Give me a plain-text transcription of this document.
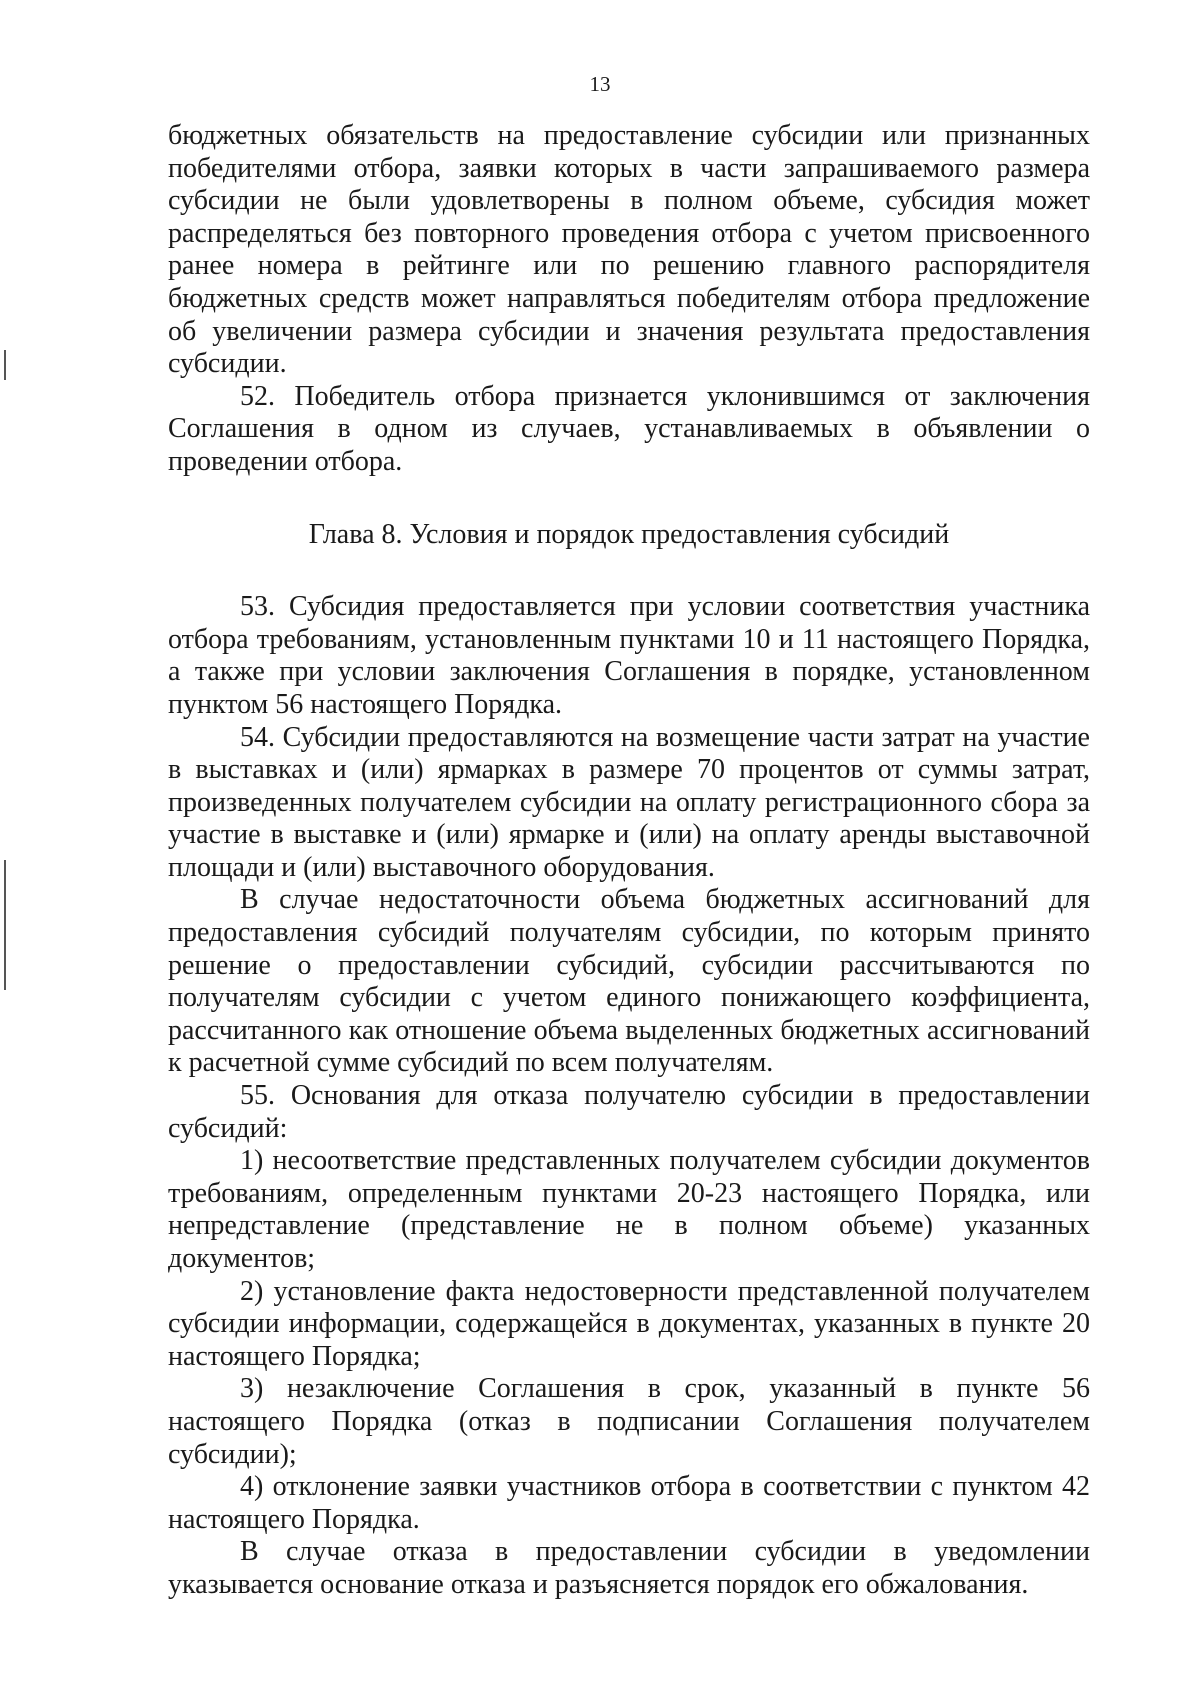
13

бюджетных обязательств на предоставление субсидии или признанных победителями отбора, заявки которых в части запрашиваемого размера субсидии не были удовлетворены в полном объеме, субсидия может распределяться без повторного проведения отбора с учетом присвоенного ранее номера в рейтинге или по решению главного распорядителя бюджетных средств может направляться победителям отбора предложение об увеличении размера субсидии и значения результата предоставления субсидии.

52. Победитель отбора признается уклонившимся от заключения Соглашения в одном из случаев, устанавливаемых в объявлении о проведении отбора.

Глава 8. Условия и порядок предоставления субсидий

53. Субсидия предоставляется при условии соответствия участника отбора требованиям, установленным пунктами 10 и 11 настоящего Порядка, а также при условии заключения Соглашения в порядке, установленном пунктом 56 настоящего Порядка.

54. Субсидии предоставляются на возмещение части затрат на участие в выставках и (или) ярмарках в размере 70 процентов от суммы затрат, произведенных получателем субсидии на оплату регистрационного сбора за участие в выставке и (или) ярмарке и (или) на оплату аренды выставочной площади и (или) выставочного оборудования.

В случае недостаточности объема бюджетных ассигнований для предоставления субсидий получателям субсидии, по которым принято решение о предоставлении субсидий, субсидии рассчитываются по получателям субсидии с учетом единого понижающего коэффициента, рассчитанного как отношение объема выделенных бюджетных ассигнований к расчетной сумме субсидий по всем получателям.

55. Основания для отказа получателю субсидии в предоставлении субсидий:

1) несоответствие представленных получателем субсидии документов требованиям, определенным пунктами 20-23 настоящего Порядка, или непредставление (представление не в полном объеме) указанных документов;

2) установление факта недостоверности представленной получателем субсидии информации, содержащейся в документах, указанных в пункте 20 настоящего Порядка;

3) незаключение Соглашения в срок, указанный в пункте 56 настоящего Порядка (отказ в подписании Соглашения получателем субсидии);

4) отклонение заявки участников отбора в соответствии с пунктом 42 настоящего Порядка.

В случае отказа в предоставлении субсидии в уведомлении указывается основание отказа и разъясняется порядок его обжалования.
